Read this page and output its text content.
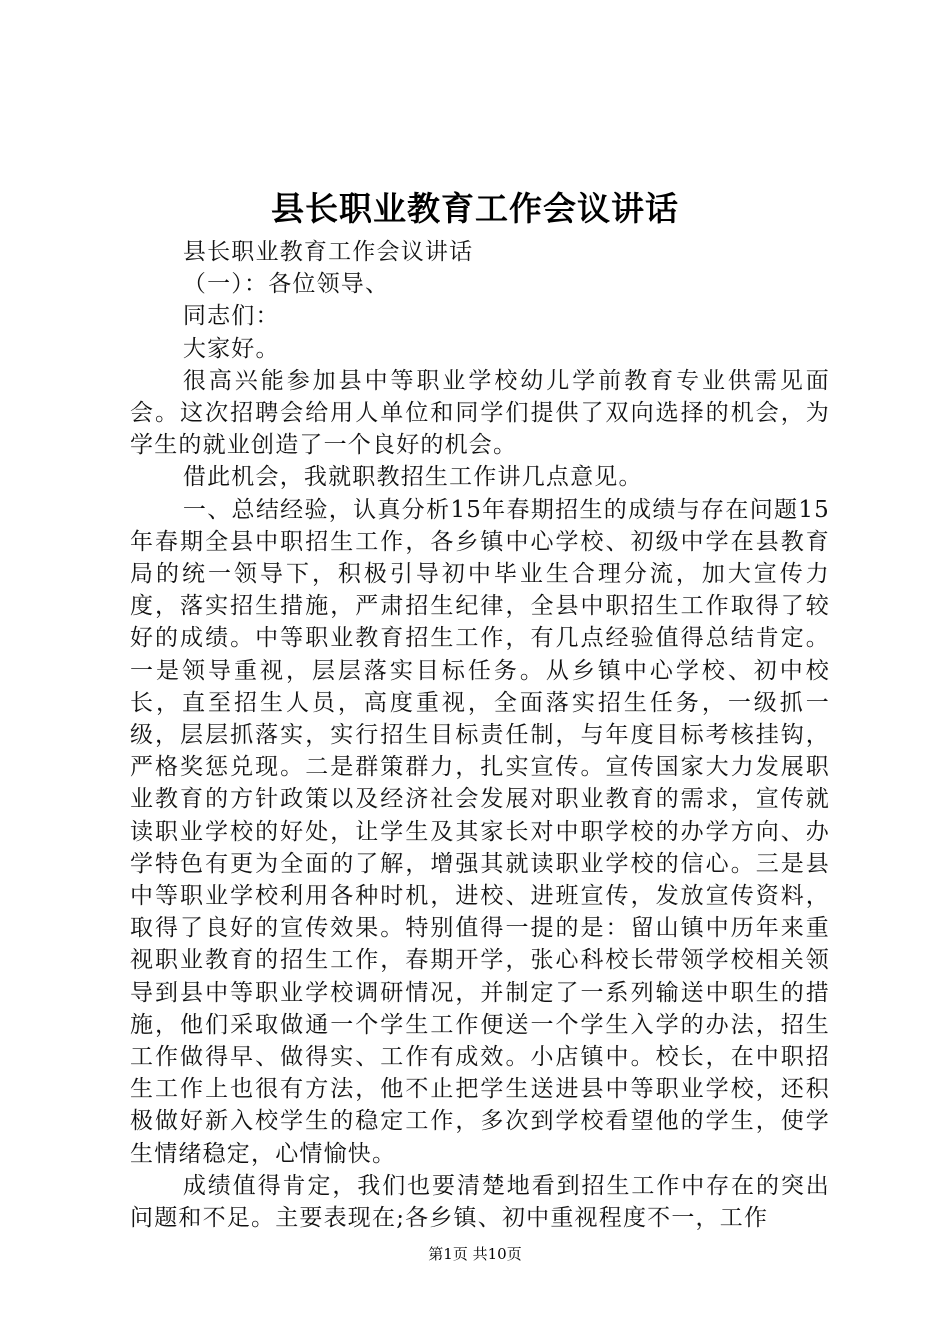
县长职业教育工作会议讲话

县长职业教育工作会议讲话

（一）：各位领导、

同志们：

大家好。

很高兴能参加县中等职业学校幼儿学前教育专业供需见面会。这次招聘会给用人单位和同学们提供了双向选择的机会，为学生的就业创造了一个良好的机会。

借此机会，我就职教招生工作讲几点意见。

一、总结经验，认真分析15年春期招生的成绩与存在问题15年春期全县中职招生工作，各乡镇中心学校、初级中学在县教育局的统一领导下，积极引导初中毕业生合理分流，加大宣传力度，落实招生措施，严肃招生纪律，全县中职招生工作取得了较好的成绩。中等职业教育招生工作，有几点经验值得总结肯定。一是领导重视，层层落实目标任务。从乡镇中心学校、初中校长，直至招生人员，高度重视，全面落实招生任务，一级抓一级，层层抓落实，实行招生目标责任制，与年度目标考核挂钩，严格奖惩兑现。二是群策群力，扎实宣传。宣传国家大力发展职业教育的方针政策以及经济社会发展对职业教育的需求，宣传就读职业学校的好处，让学生及其家长对中职学校的办学方向、办学特色有更为全面的了解，增强其就读职业学校的信心。三是县中等职业学校利用各种时机，进校、进班宣传，发放宣传资料，取得了良好的宣传效果。特别值得一提的是：留山镇中历年来重视职业教育的招生工作，春期开学，张心科校长带领学校相关领导到县中等职业学校调研情况，并制定了一系列输送中职生的措施，他们采取做通一个学生工作便送一个学生入学的办法，招生工作做得早、做得实、工作有成效。小店镇中。校长，在中职招生工作上也很有方法，他不止把学生送进县中等职业学校，还积极做好新入校学生的稳定工作，多次到学校看望他的学生，使学生情绪稳定，心情愉快。

成绩值得肯定，我们也要清楚地看到招生工作中存在的突出问题和不足。主要表现在;各乡镇、初中重视程度不一，工作

第1页 共10页
